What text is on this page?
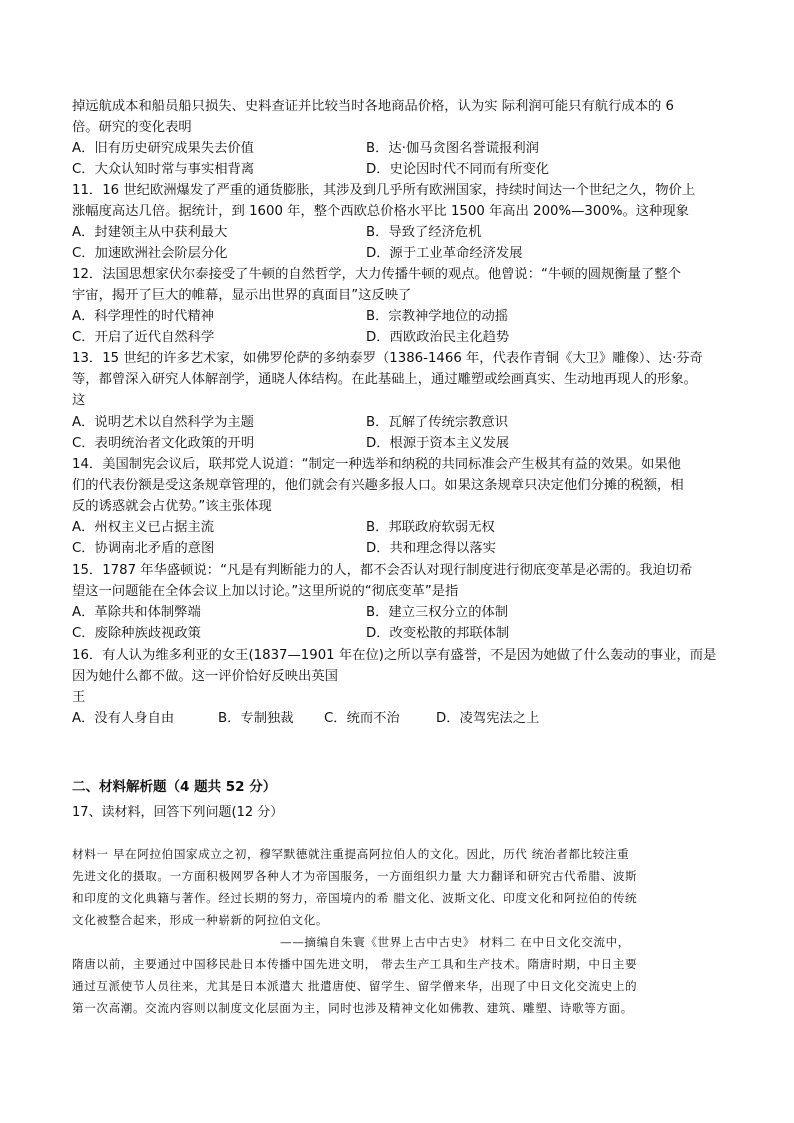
掉远航成本和船员船只损失、史料查证并比较当时各地商品价格，认为实 际利润可能只有航行成本的 6
倍。研究的变化表明
A．旧有历史研究成果失去价值	B．达·伽马贪图名誉谎报利润
C．大众认知时常与事实相背离	D．史论因时代不同而有所变化
11．16 世纪欧洲爆发了严重的通货膨胀，其涉及到几乎所有欧洲国家，持续时间达一个世纪之久，物价上
涨幅度高达几倍。据统计，到 1600 年，整个西欧总价格水平比 1500 年高出 200%—300%。这种现象
A．封建领主从中获利最大	B．导致了经济危机
C．加速欧洲社会阶层分化	D．源于工业革命经济发展
12．法国思想家伏尔泰接受了牛顿的自然哲学，大力传播牛顿的观点。他曾说：“牛顿的圆规衡量了整个
宇宙，揭开了巨大的帷幕，显示出世界的真面目”这反映了
A．科学理性的时代精神	B．宗教神学地位的动摇
C．开启了近代自然科学	D．西欧政治民主化趋势
13．15 世纪的许多艺术家，如佛罗伦萨的多纳泰罗（1386-1466 年，代表作青铜《大卫》雕像）、达·芬奇
等，都曾深入研究人体解剖学，通晓人体结构。在此基础上，通过雕塑或绘画真实、生动地再现人的形象。
这
A．说明艺术以自然科学为主题	B．瓦解了传统宗教意识
C．表明统治者文化政策的开明	D．根源于资本主义发展
14．美国制宪会议后，联邦党人说道：“制定一种选举和纳税的共同标准会产生极其有益的效果。如果他
们的代表份额是受这条规章管理的，他们就会有兴趣多报人口。如果这条规章只决定他们分摊的税额，相
反的诱惑就会占优势。”该主张体现
A．州权主义已占据主流	B．邦联政府软弱无权
C．协调南北矛盾的意图	D．共和理念得以落实
15．1787 年华盛顿说：“凡是有判断能力的人，都不会否认对现行制度进行彻底变革是必需的。我迫切希
望这一问题能在全体会议上加以讨论。”这里所说的“彻底变革”是指
A．革除共和体制弊端	B．建立三权分立的体制
C．废除种族歧视政策	D．改变松散的邦联体制
16．有人认为维多利亚的女王(1837—1901 年在位)之所以享有盛誉，不是因为她做了什么轰动的事业，而是
因为她什么都不做。这一评价恰好反映出英国
王
A．没有人身自由	B．专制独裁 C．统而不治	D．凌驾宪法之上
二、材料解析题（4 题共 52 分）
17、读材料，回答下列问题(12 分）
材料一 早在阿拉伯国家成立之初，穆罕默德就注重提高阿拉伯人的文化。因此，历代 统治者都比较注重
先进文化的摄取。一方面积极网罗各种人才为帝国服务，一方面组织力量 大力翻译和研究古代希腊、波斯
和印度的文化典籍与著作。经过长期的努力，帝国境内的希 腊文化、波斯文化、印度文化和阿拉伯的传统
文化被整合起来，形成一种崭新的阿拉伯文化。
——摘编自朱寰《世界上古中古史》 材料二 在中日文化交流中，
隋唐以前，主要通过中国移民赴日本传播中国先进文明， 带去生产工具和生产技术。隋唐时期，中日主要
通过互派使节人员往来，尤其是日本派遣大 批遣唐使、留学生、留学僧来华，出现了中日文化交流史上的
第一次高潮。交流内容则以制度文化层面为主，同时也涉及精神文化如佛教、建筑、雕塑、诗歌等方面。
